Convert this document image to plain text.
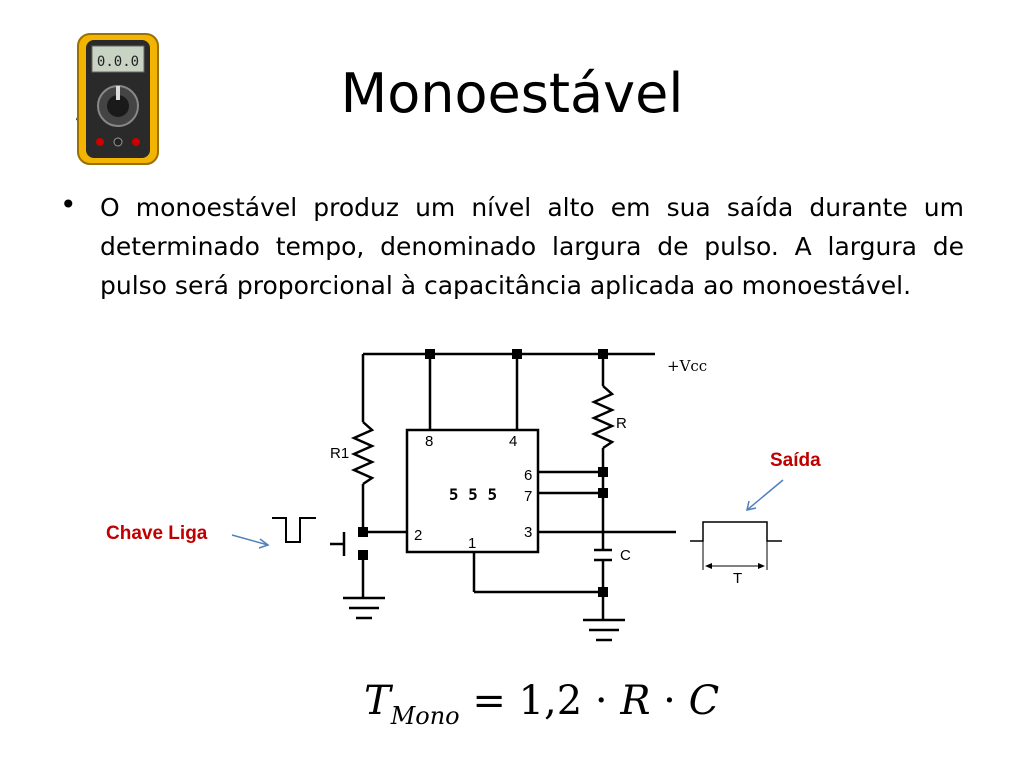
0.0.0	Monoestável
• O monoestável produz um nível alto em sua saída durante um determinado tempo, denominado largura de pulso. A largura de pulso será proporcional à capacitância aplicada ao monoestável.
8	4
6
7
3
2	1
R1
R
C
T
+Vcc
5 5 5
Saída
Chave Liga
$T_{Mono} = 1,2 \cdot R \cdot C$
